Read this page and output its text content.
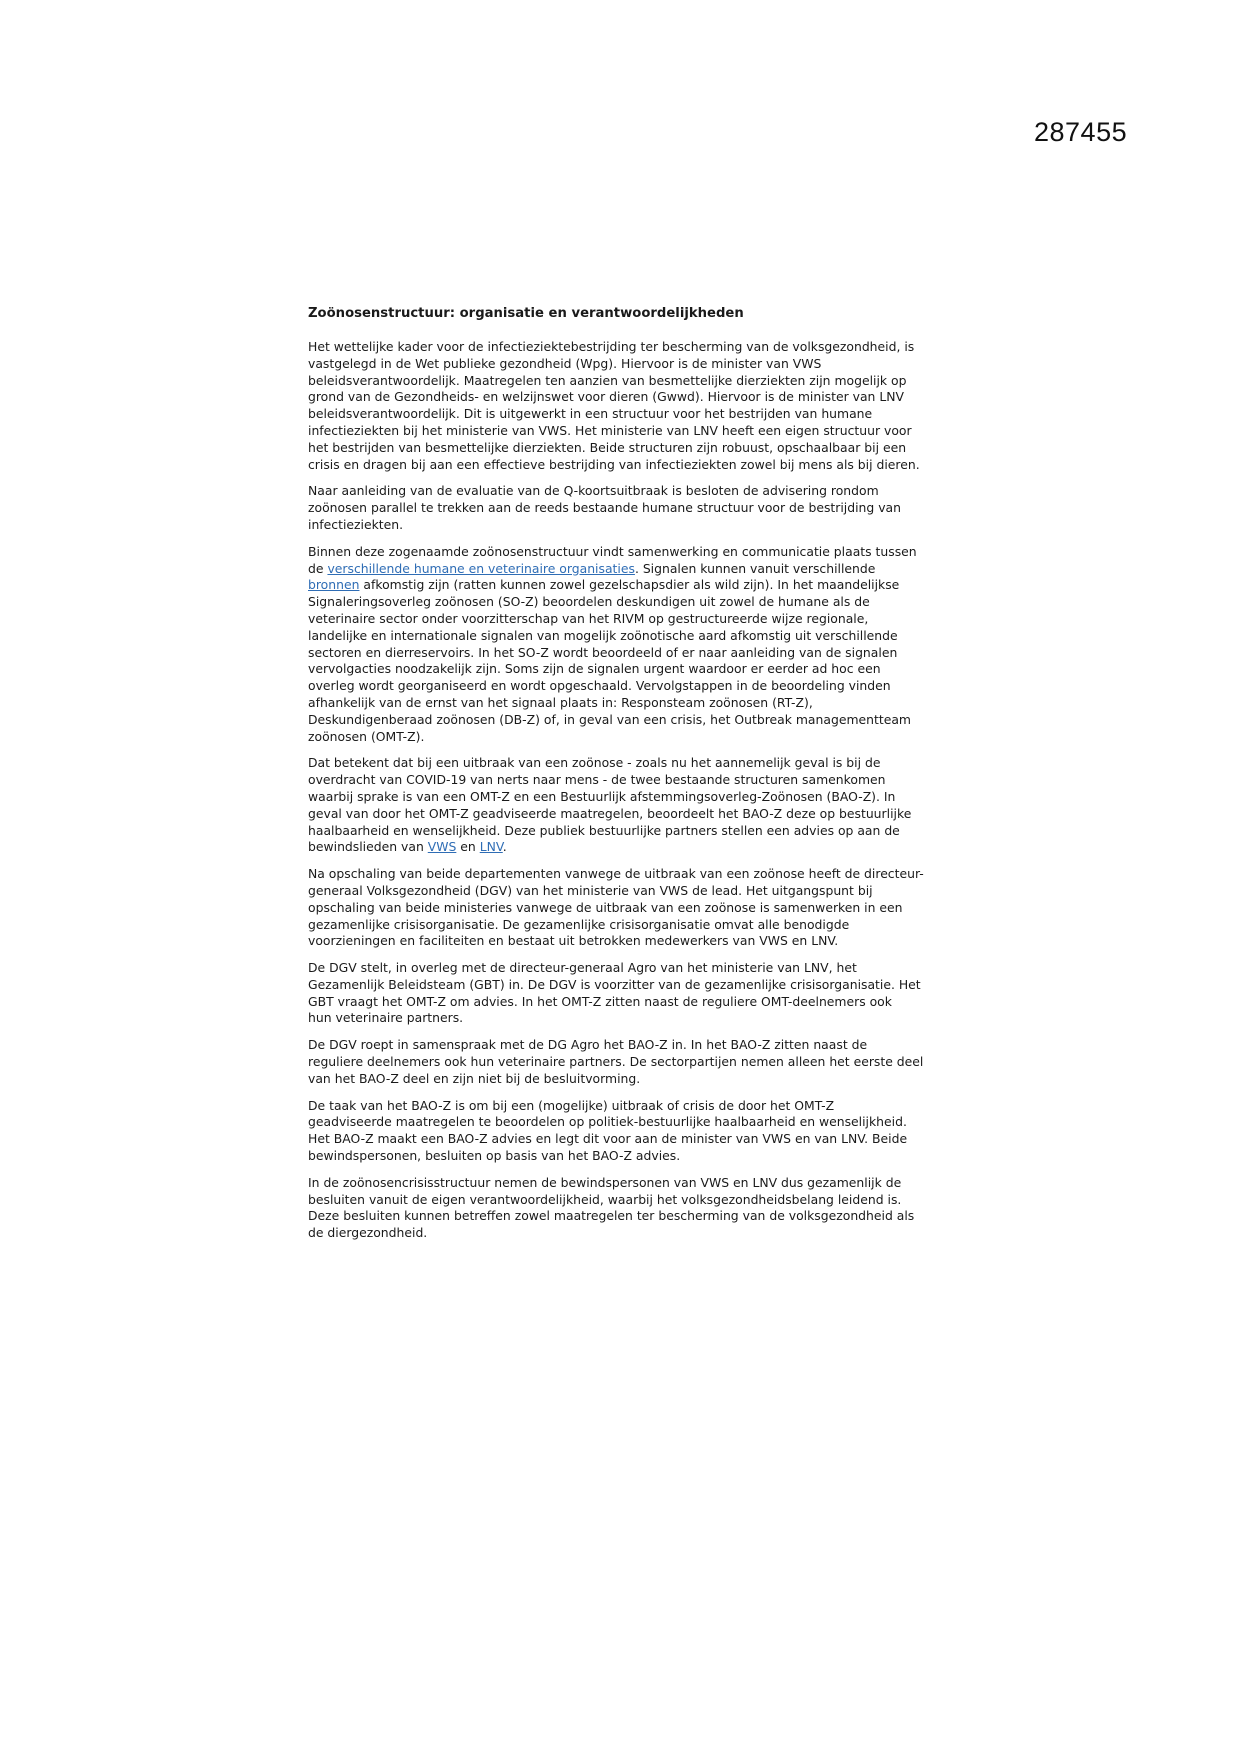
287455
Zoönosenstructuur: organisatie en verantwoordelijkheden

Het wettelijke kader voor de infectieziektebestrijding ter bescherming van de volksgezondheid, is
vastgelegd in de Wet publieke gezondheid (Wpg). Hiervoor is de minister van VWS
beleidsverantwoordelijk. Maatregelen ten aanzien van besmettelijke dierziekten zijn mogelijk op
grond van de Gezondheids- en welzijnswet voor dieren (Gwwd). Hiervoor is de minister van LNV
beleidsverantwoordelijk. Dit is uitgewerkt in een structuur voor het bestrijden van humane
infectieziekten bij het ministerie van VWS. Het ministerie van LNV heeft een eigen structuur voor
het bestrijden van besmettelijke dierziekten. Beide structuren zijn robuust, opschaalbaar bij een
crisis en dragen bij aan een effectieve bestrijding van infectieziekten zowel bij mens als bij dieren.

Naar aanleiding van de evaluatie van de Q-koortsuitbraak is besloten de advisering rondom
zoönosen parallel te trekken aan de reeds bestaande humane structuur voor de bestrijding van
infectieziekten.

Binnen deze zogenaamde zoönosenstructuur vindt samenwerking en communicatie plaats tussen
de verschillende humane en veterinaire organisaties. Signalen kunnen vanuit verschillende
bronnen afkomstig zijn (ratten kunnen zowel gezelschapsdier als wild zijn). In het maandelijkse
Signaleringsoverleg zoönosen (SO-Z) beoordelen deskundigen uit zowel de humane als de
veterinaire sector onder voorzitterschap van het RIVM op gestructureerde wijze regionale,
landelijke en internationale signalen van mogelijk zoönotische aard afkomstig uit verschillende
sectoren en dierreservoirs. In het SO-Z wordt beoordeeld of er naar aanleiding van de signalen
vervolgacties noodzakelijk zijn. Soms zijn de signalen urgent waardoor er eerder ad hoc een
overleg wordt georganiseerd en wordt opgeschaald. Vervolgstappen in de beoordeling vinden
afhankelijk van de ernst van het signaal plaats in: Responsteam zoönosen (RT-Z),
Deskundigenberaad zoönosen (DB-Z) of, in geval van een crisis, het Outbreak managementteam
zoönosen (OMT-Z).

Dat betekent dat bij een uitbraak van een zoönose - zoals nu het aannemelijk geval is bij de
overdracht van COVID-19 van nerts naar mens - de twee bestaande structuren samenkomen
waarbij sprake is van een OMT-Z en een Bestuurlijk afstemmingsoverleg-Zoönosen (BAO-Z). In
geval van door het OMT-Z geadviseerde maatregelen, beoordeelt het BAO-Z deze op bestuurlijke
haalbaarheid en wenselijkheid. Deze publiek bestuurlijke partners stellen een advies op aan de
bewindslieden van VWS en LNV.

Na opschaling van beide departementen vanwege de uitbraak van een zoönose heeft de directeur-
generaal Volksgezondheid (DGV) van het ministerie van VWS de lead. Het uitgangspunt bij
opschaling van beide ministeries vanwege de uitbraak van een zoönose is samenwerken in een
gezamenlijke crisisorganisatie. De gezamenlijke crisisorganisatie omvat alle benodigde
voorzieningen en faciliteiten en bestaat uit betrokken medewerkers van VWS en LNV.

De DGV stelt, in overleg met de directeur-generaal Agro van het ministerie van LNV, het
Gezamenlijk Beleidsteam (GBT) in. De DGV is voorzitter van de gezamenlijke crisisorganisatie. Het
GBT vraagt het OMT-Z om advies. In het OMT-Z zitten naast de reguliere OMT-deelnemers ook
hun veterinaire partners.

De DGV roept in samenspraak met de DG Agro het BAO-Z in. In het BAO-Z zitten naast de
reguliere deelnemers ook hun veterinaire partners. De sectorpartijen nemen alleen het eerste deel
van het BAO-Z deel en zijn niet bij de besluitvorming.

De taak van het BAO-Z is om bij een (mogelijke) uitbraak of crisis de door het OMT-Z
geadviseerde maatregelen te beoordelen op politiek-bestuurlijke haalbaarheid en wenselijkheid.
Het BAO-Z maakt een BAO-Z advies en legt dit voor aan de minister van VWS en van LNV. Beide
bewindspersonen, besluiten op basis van het BAO-Z advies.

In de zoönosencrisisstructuur nemen de bewindspersonen van VWS en LNV dus gezamenlijk de
besluiten vanuit de eigen verantwoordelijkheid, waarbij het volksgezondheidsbelang leidend is.
Deze besluiten kunnen betreffen zowel maatregelen ter bescherming van de volksgezondheid als
de diergezondheid.
